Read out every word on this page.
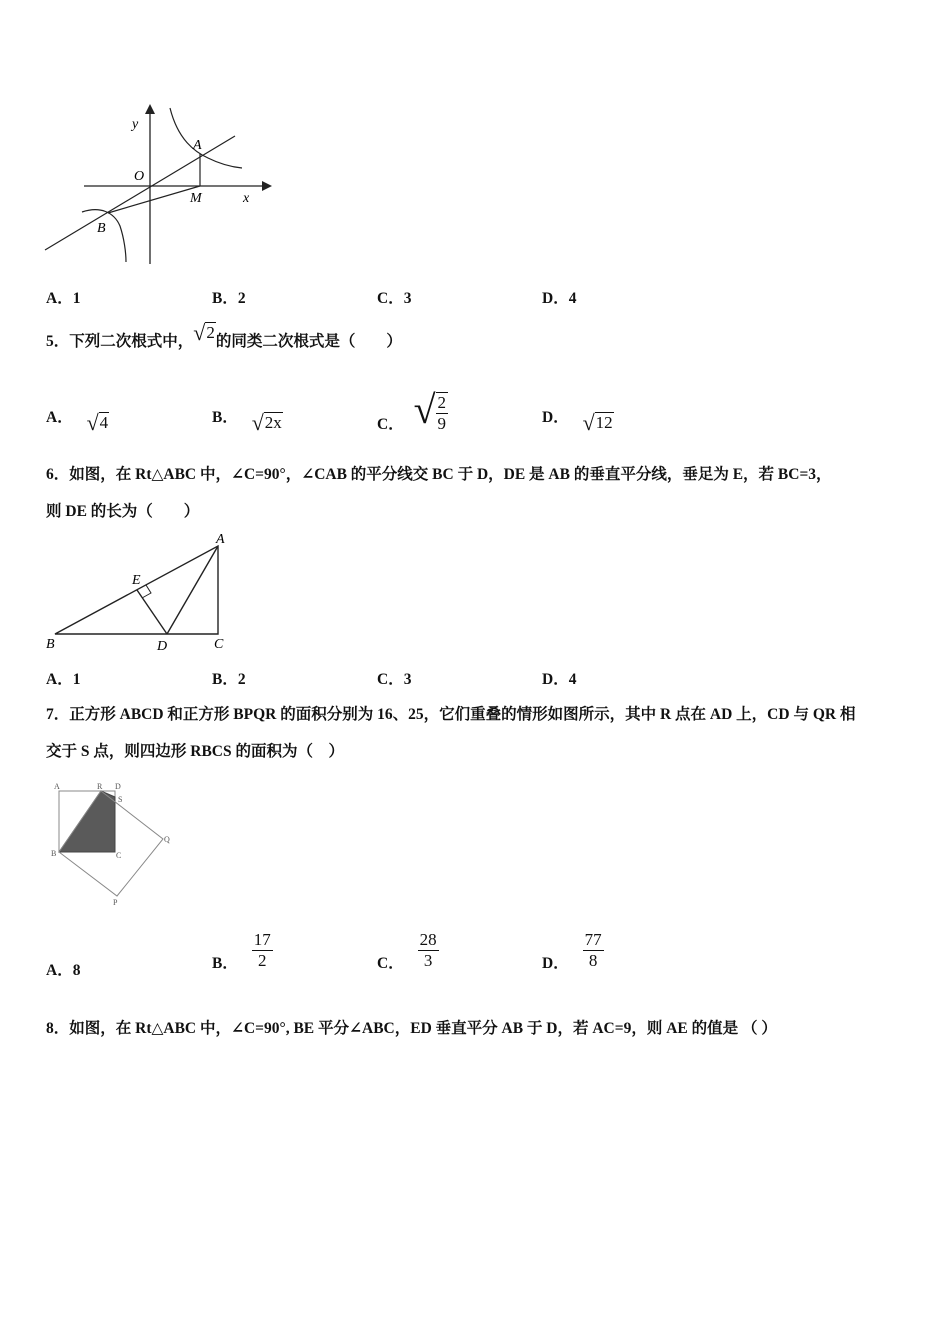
y
O
A
M	x
B
A．1	B．2	C．3	D．4
5．下列二次根式中，√2的同类二次根式是（　　）
A． √4	B． √2x	C． √ $\frac{2}{9}$	D． √12
6．如图，在 Rt△ABC 中，∠C=90°，∠CAB 的平分线交 BC 于 D，DE 是 AB 的垂直平分线，垂足为 E，若 BC=3，
则 DE 的长为（　　）
A
E
B	D	C
A．1	B．2	C．3	D．4
7．正方形 ABCD 和正方形 BPQR 的面积分别为 16、25，它们重叠的情形如图所示，其中 R 点在 AD 上，CD 与 QR 相
交于 S 点，则四边形 RBCS 的面积为（　）
A	R D
S
B	C
Q
P
A．8	B． $\frac{17}{2}$	C． $\frac{28}{3}$	D． $\frac{77}{8}$
8．如图，在 Rt△ABC 中，∠C=90°, BE 平分∠ABC，ED 垂直平分 AB 于 D，若 AC=9，则 AE 的值是 （ ）
